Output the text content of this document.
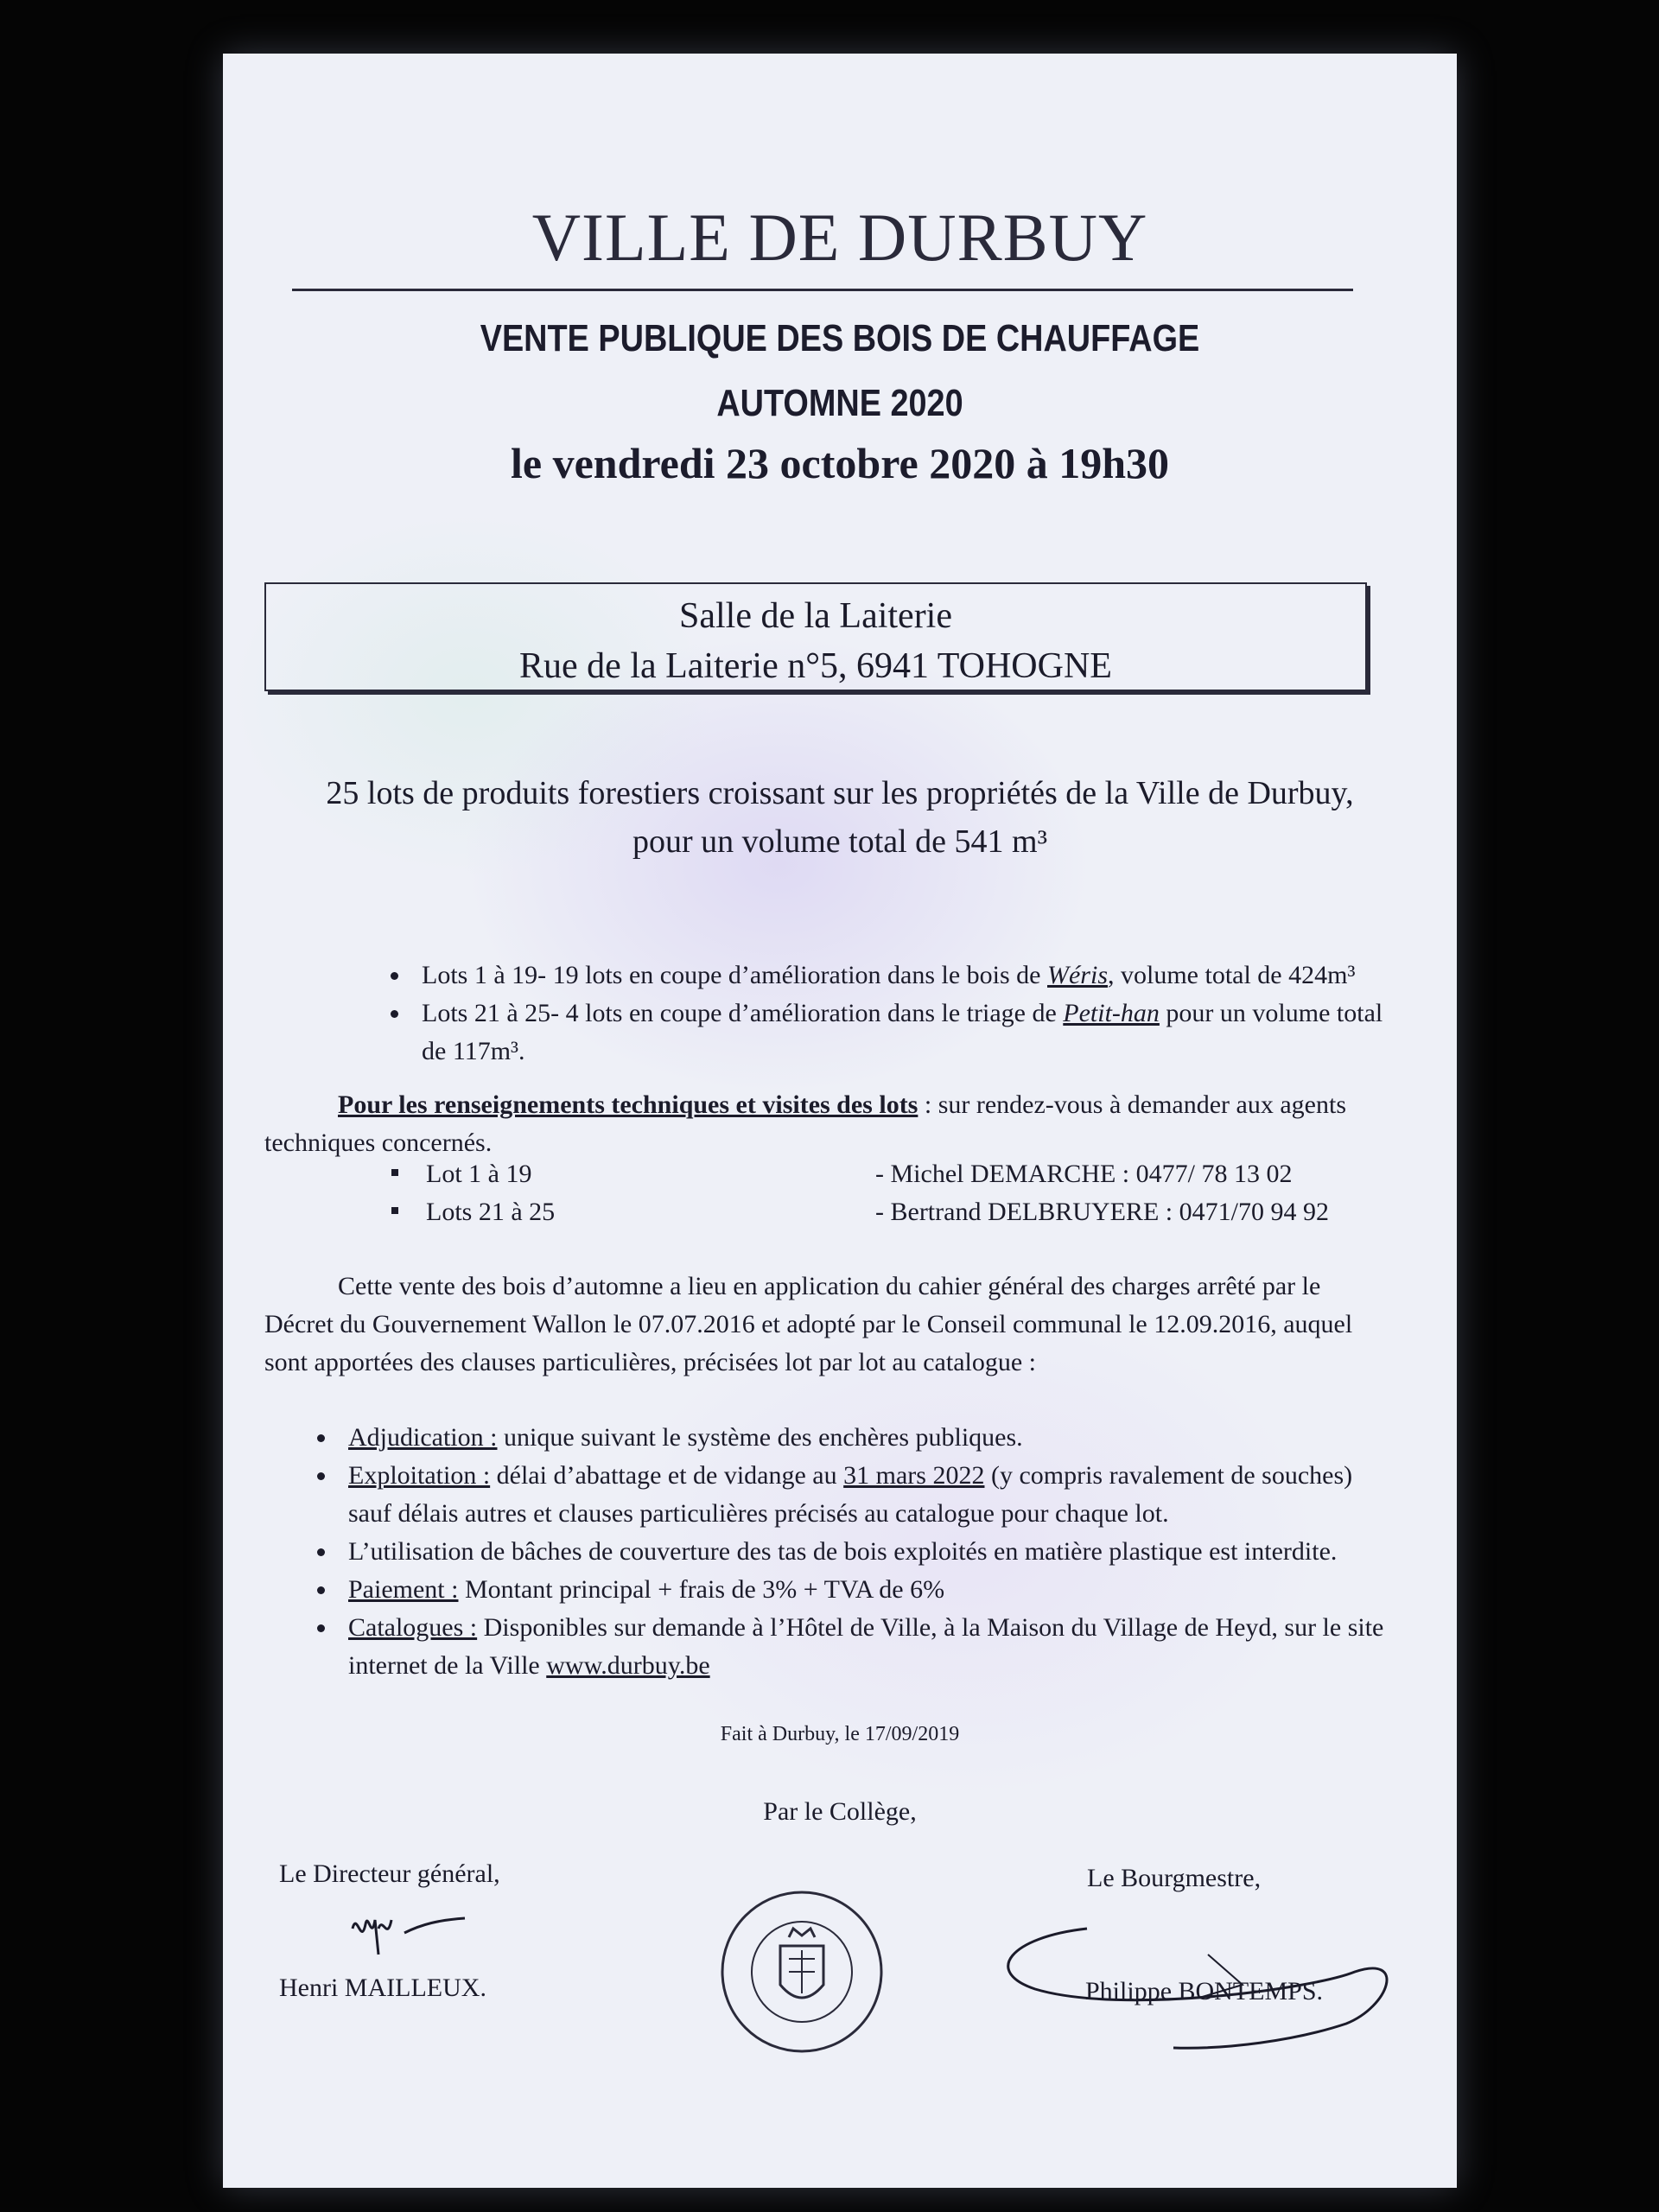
VILLE DE DURBUY
VENTE PUBLIQUE DES BOIS DE CHAUFFAGE
AUTOMNE 2020
le vendredi 23 octobre 2020 à 19h30
Salle de la Laiterie
Rue de la Laiterie n°5, 6941 TOHOGNE
25 lots de produits forestiers croissant sur les propriétés de la Ville de Durbuy,
pour un volume total de 541 m³
• Lots 1 à 19- 19 lots en coupe d’amélioration dans le bois de Wéris, volume total de 424m³
• Lots 21 à 25- 4 lots en coupe d’amélioration dans le triage de Petit-han pour un volume total de 117m³.
Pour les renseignements techniques et visites des lots : sur rendez-vous à demander aux agents techniques concernés.
Lot 1 à 19	- Michel DEMARCHE : 0477/ 78 13 02
Lots 21 à 25	- Bertrand DELBRUYERE : 0471/70 94 92
Cette vente des bois d’automne a lieu en application du cahier général des charges arrêté par le Décret du Gouvernement Wallon le 07.07.2016 et adopté par le Conseil communal le 12.09.2016, auquel sont apportées des clauses particulières, précisées lot par lot au catalogue :
• Adjudication : unique suivant le système des enchères publiques.
• Exploitation : délai d’abattage et de vidange au 31 mars 2022 (y compris ravalement de souches) sauf délais autres et clauses particulières précisés au catalogue pour chaque lot.
• L’utilisation de bâches de couverture des tas de bois exploités en matière plastique est interdite.
• Paiement : Montant principal + frais de 3% + TVA de 6%
• Catalogues : Disponibles sur demande à l’Hôtel de Ville, à la Maison du Village de Heyd, sur le site internet de la Ville www.durbuy.be
Fait à Durbuy, le 17/09/2019
Par le Collège,
Le Directeur général,
Henri MAILLEUX.
Le Bourgmestre,
Philippe BONTEMPS.
